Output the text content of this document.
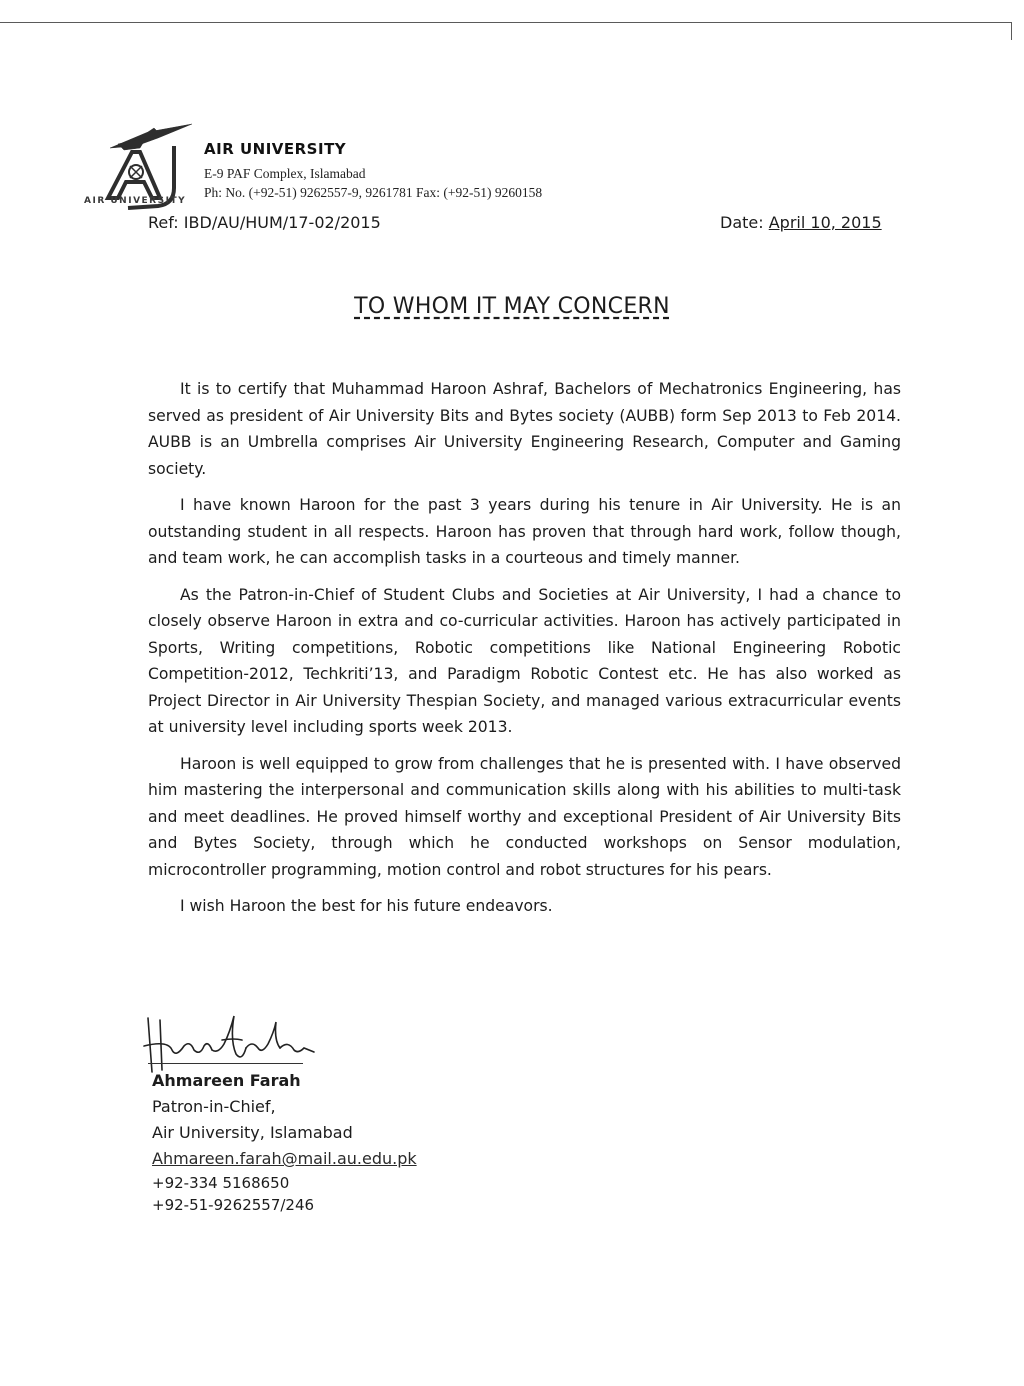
AIR UNIVERSITY
AIR UNIVERSITY
E-9 PAF Complex, Islamabad
Ph: No. (+92-51) 9262557-9, 9261781 Fax: (+92-51) 9260158
Ref: IBD/AU/HUM/17-02/2015	Date: April 10, 2015
TO WHOM IT MAY CONCERN

It is to certify that Muhammad Haroon Ashraf, Bachelors of Mechatronics Engineering, has served as president of Air University Bits and Bytes society (AUBB) form Sep 2013 to Feb 2014. AUBB is an Umbrella comprises Air University Engineering Research, Computer and Gaming society.

I have known Haroon for the past 3 years during his tenure in Air University. He is an outstanding student in all respects. Haroon has proven that through hard work, follow though, and team work, he can accomplish tasks in a courteous and timely manner.

As the Patron-in-Chief of Student Clubs and Societies at Air University, I had a chance to closely observe Haroon in extra and co-curricular activities. Haroon has actively participated in Sports, Writing competitions, Robotic competitions like National Engineering Robotic Competition-2012, Techkriti’13, and Paradigm Robotic Contest etc. He has also worked as Project Director in Air University Thespian Society, and managed various extracurricular events at university level including sports week 2013.

Haroon is well equipped to grow from challenges that he is presented with. I have observed him mastering the interpersonal and communication skills along with his abilities to multi-task and meet deadlines. He proved himself worthy and exceptional President of Air University Bits and Bytes Society, through which he conducted workshops on Sensor modulation, microcontroller programming, motion control and robot structures for his pears.

I wish Haroon the best for his future endeavors.

Ahmareen Farah
Patron-in-Chief,
Air University, Islamabad
Ahmareen.farah@mail.au.edu.pk
+92-334 5168650
+92-51-9262557/246
